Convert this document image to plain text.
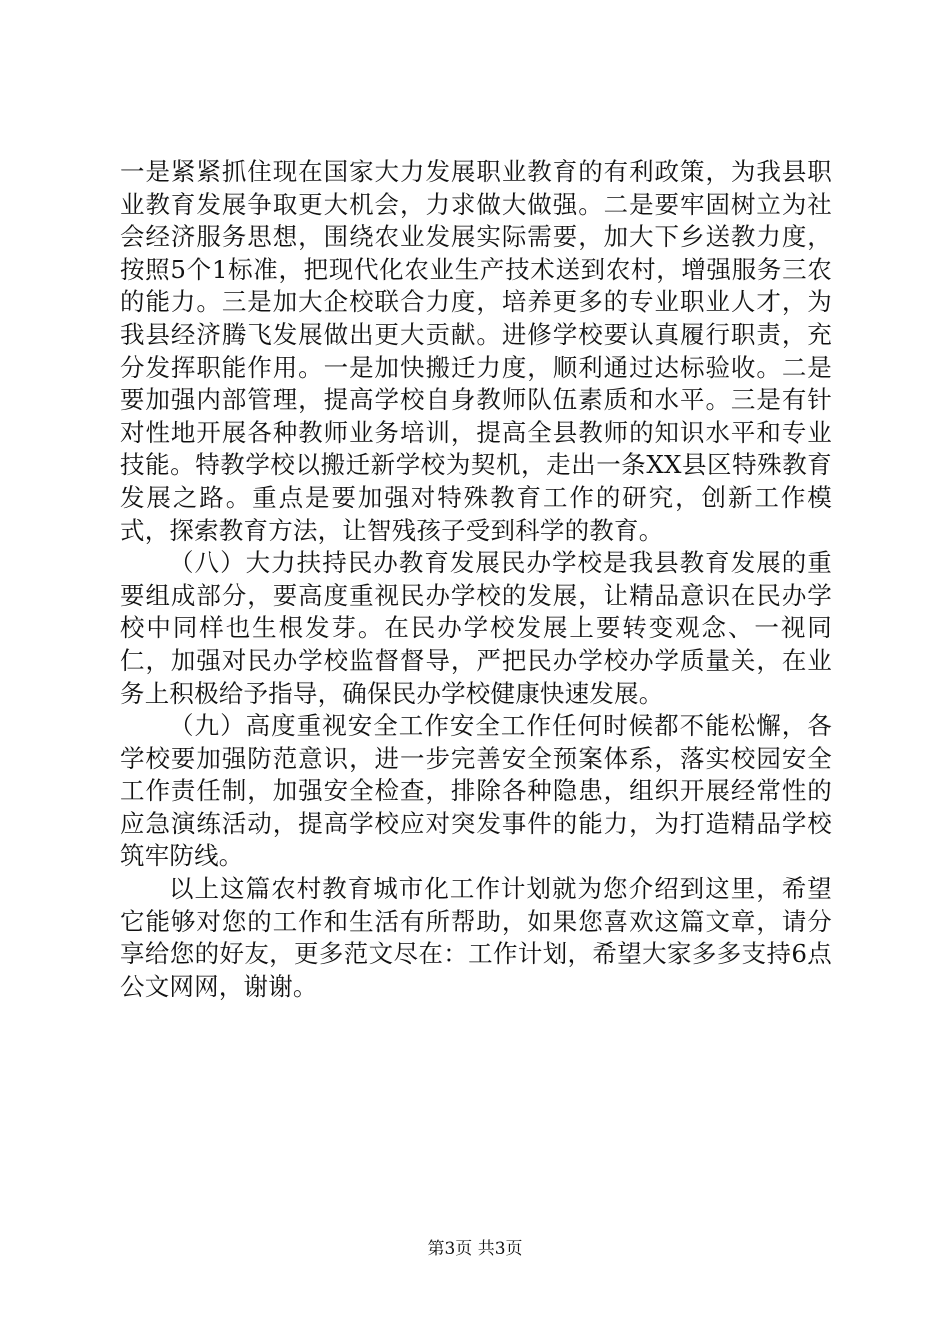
一是紧紧抓住现在国家大力发展职业教育的有利政策，为我县职业教育发展争取更大机会，力求做大做强。二是要牢固树立为社会经济服务思想，围绕农业发展实际需要，加大下乡送教力度，按照5个1标准，把现代化农业生产技术送到农村，增强服务三农的能力。三是加大企校联合力度，培养更多的专业职业人才，为我县经济腾飞发展做出更大贡献。进修学校要认真履行职责，充分发挥职能作用。一是加快搬迁力度，顺利通过达标验收。二是要加强内部管理，提高学校自身教师队伍素质和水平。三是有针对性地开展各种教师业务培训，提高全县教师的知识水平和专业技能。特教学校以搬迁新学校为契机，走出一条XX县区特殊教育发展之路。重点是要加强对特殊教育工作的研究，创新工作模式，探索教育方法，让智残孩子受到科学的教育。

（八）大力扶持民办教育发展民办学校是我县教育发展的重要组成部分，要高度重视民办学校的发展，让精品意识在民办学校中同样也生根发芽。在民办学校发展上要转变观念、一视同仁，加强对民办学校监督督导，严把民办学校办学质量关，在业务上积极给予指导，确保民办学校健康快速发展。

（九）高度重视安全工作安全工作任何时候都不能松懈，各学校要加强防范意识，进一步完善安全预案体系，落实校园安全工作责任制，加强安全检查，排除各种隐患，组织开展经常性的应急演练活动，提高学校应对突发事件的能力，为打造精品学校筑牢防线。

以上这篇农村教育城市化工作计划就为您介绍到这里，希望它能够对您的工作和生活有所帮助，如果您喜欢这篇文章，请分享给您的好友，更多范文尽在：工作计划，希望大家多多支持6点公文网网，谢谢。

第3页 共3页
